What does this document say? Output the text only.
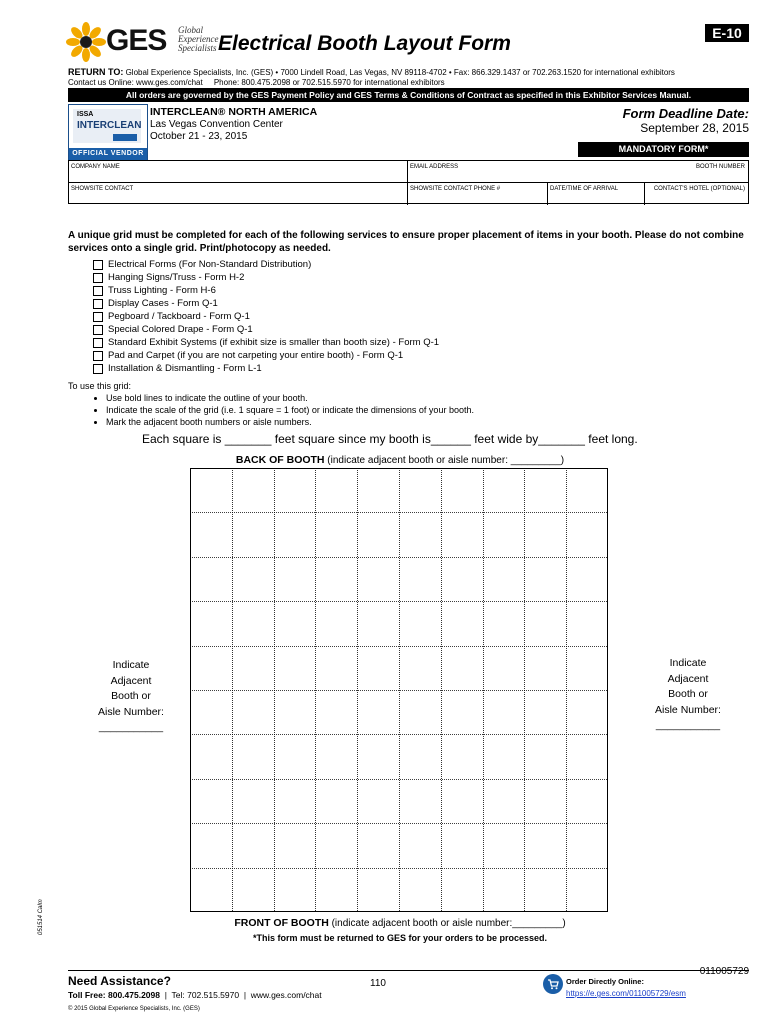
GES Global
Experience
Specialists Electrical Booth Layout Form	E-10
RETURN TO: Global Experience Specialists, Inc. (GES) • 7000 Lindell Road, Las Vegas, NV 89118-4702 • Fax: 866.329.1437 or 702.263.1520 for international exhibitors
Contact us Online: www.ges.com/chat     Phone: 800.475.2098 or 702.515.5970 for international exhibitors
All orders are governed by the GES Payment Policy and GES Terms & Conditions of Contract as specified in this Exhibitor Services Manual.
ISSA
INTERCLEAN
OFFICIAL VENDOR
INTERCLEAN® NORTH AMERICA
Las Vegas Convention Center
October 21 - 23, 2015
Form Deadline Date:
September 28, 2015
MANDATORY FORM*
COMPANY NAME	EMAIL ADDRESS	BOOTH NUMBER
SHOWSITE CONTACT	SHOWSITE CONTACT PHONE #	DATE/TIME OF ARRIVAL	CONTACT'S HOTEL (OPTIONAL)
A unique grid must be completed for each of the following services to ensure proper placement of items in your booth. Please do not combine services onto a single grid. Print/photocopy as needed.
Electrical Forms (For Non-Standard Distribution)
Hanging Signs/Truss - Form H-2
Truss Lighting - Form H-6
Display Cases - Form Q-1
Pegboard / Tackboard - Form Q-1
Special Colored Drape - Form Q-1
Standard Exhibit Systems (if exhibit size is smaller than booth size) - Form Q-1
Pad and Carpet (if you are not carpeting your entire booth) - Form Q-1
Installation & Dismantling - Form L-1
To use this grid:
• Use bold lines to indicate the outline of your booth.
• Indicate the scale of the grid (i.e. 1 square = 1 foot) or indicate the dimensions of your booth.
• Mark the adjacent booth numbers or aisle numbers.
Each square is _______ feet square since my booth is______ feet wide by_______ feet long.
BACK OF BOOTH (indicate adjacent booth or aisle number: _________)
Indicate
Adjacent
Booth or
Aisle Number:
___________
Indicate
Adjacent
Booth or
Aisle Number:
___________
FRONT OF BOOTH (indicate adjacent booth or aisle number:_________)
*This form must be returned to GES for your orders to be processed.
051514 Calm
Need Assistance?
Toll Free: 800.475.2098  |  Tel: 702.515.5970  |  www.ges.com/chat
110
011005729
Order Directly Online:
https://e.ges.com/011005729/esm
© 2015 Global Experience Specialists, Inc. (GES)
